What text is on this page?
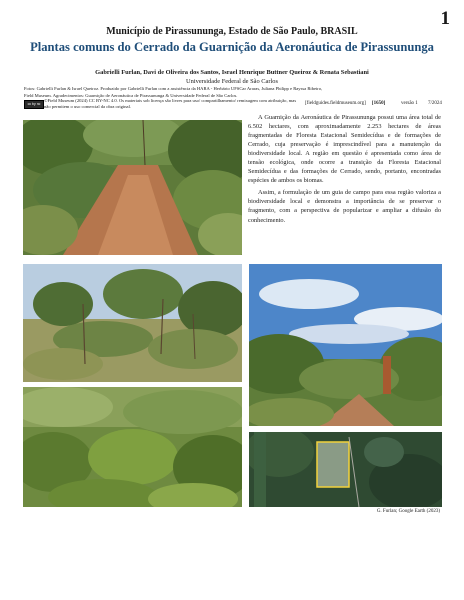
1
Município de Pirassununga, Estado de São Paulo, BRASIL
Plantas comuns do Cerrado da Guarnição da Aeronáutica de Pirassununga
Gabrielli Furlan, Davi de Oliveira dos Santos, Israel Henrique Buttner Queiroz & Renata Sebastiani
Universidade Federal de São Carlos

Fotos: Gabrielli Furlan & Israel Queiroz. Produzido por Gabrielli Furlan com a assistência da HARA - Herbário UFSCar Araras, Juliana Philipp e Rayssa Ribeiro,

Field Museum. Agradecimentos: Guarnição de Aeronáutica de Pirassununga & Universidade Federal de São Carlos.

cc by nc
©Field Museum (2024) CC BY-NC 4.0. Os materiais sob licença são livres para uso/ compartilhamento/ remixagem com atribuição, mas não permitem o uso comercial da obra original.
[fieldguides.fieldmuseum.org] [1650]	versão 1 7/2024

A Guarnição da Aeronáutica de Pirassununga possui uma área total de 6.502 hectares, com aproximadamente 2.253 hectares de áreas fragmentadas de Floresta Estacional Semidecídua e de formações de Cerrado, cuja preservação é imprescindível para a manutenção da biodiversidade local. A região em questão é apresentada como área de tensão ecológica, onde ocorre a transição da Floresta Estacional Semidecídua e das formações de Cerrado, sendo, portanto, encontradas espécies de ambos os biomas.

Assim, a formulação de um guia de campo para essa região valoriza a biodiversidade local e demonstra a importância de se preservar o fragmento, com a perspectiva de popularizar e ampliar a difusão do conhecimento.

G. Furlan; Google Earth (2023)
